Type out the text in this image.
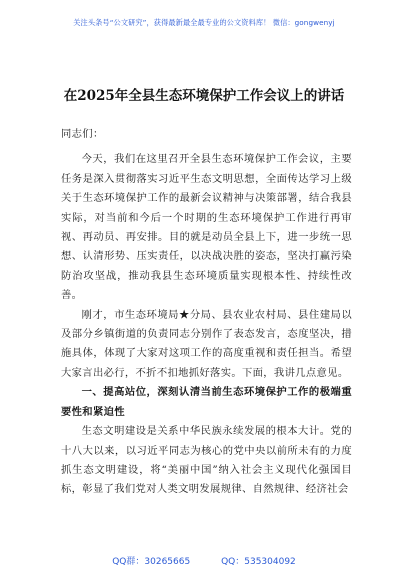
关注头条号“公文研究”，获得最新最全最专业的公文资料库！ 微信：gongwenyj
在2025年全县生态环境保护工作会议上的讲话

同志们：

今天，我们在这里召开全县生态环境保护工作会议，主要任务是深入贯彻落实习近平生态文明思想，全面传达学习上级关于生态环境保护工作的最新会议精神与决策部署，结合我县实际，对当前和今后一个时期的生态环境保护工作进行再审视、再动员、再安排。目的就是动员全县上下，进一步统一思想、认清形势、压实责任，以决战决胜的姿态，坚决打赢污染防治攻坚战，推动我县生态环境质量实现根本性、持续性改善。

刚才，市生态环境局★分局、县农业农村局、县住建局以及部分乡镇街道的负责同志分别作了表态发言，态度坚决，措施具体，体现了大家对这项工作的高度重视和责任担当。希望大家言出必行，不折不扣地抓好落实。下面，我讲几点意见。

一、提高站位，深刻认清当前生态环境保护工作的极端重要性和紧迫性

生态文明建设是关系中华民族永续发展的根本大计。党的十八大以来，以习近平同志为核心的党中央以前所未有的力度抓生态文明建设，将“美丽中国”纳入社会主义现代化强国目标，彰显了我们党对人类文明发展规律、自然规律、经济社会

QQ群：30265665	QQ：535304092
